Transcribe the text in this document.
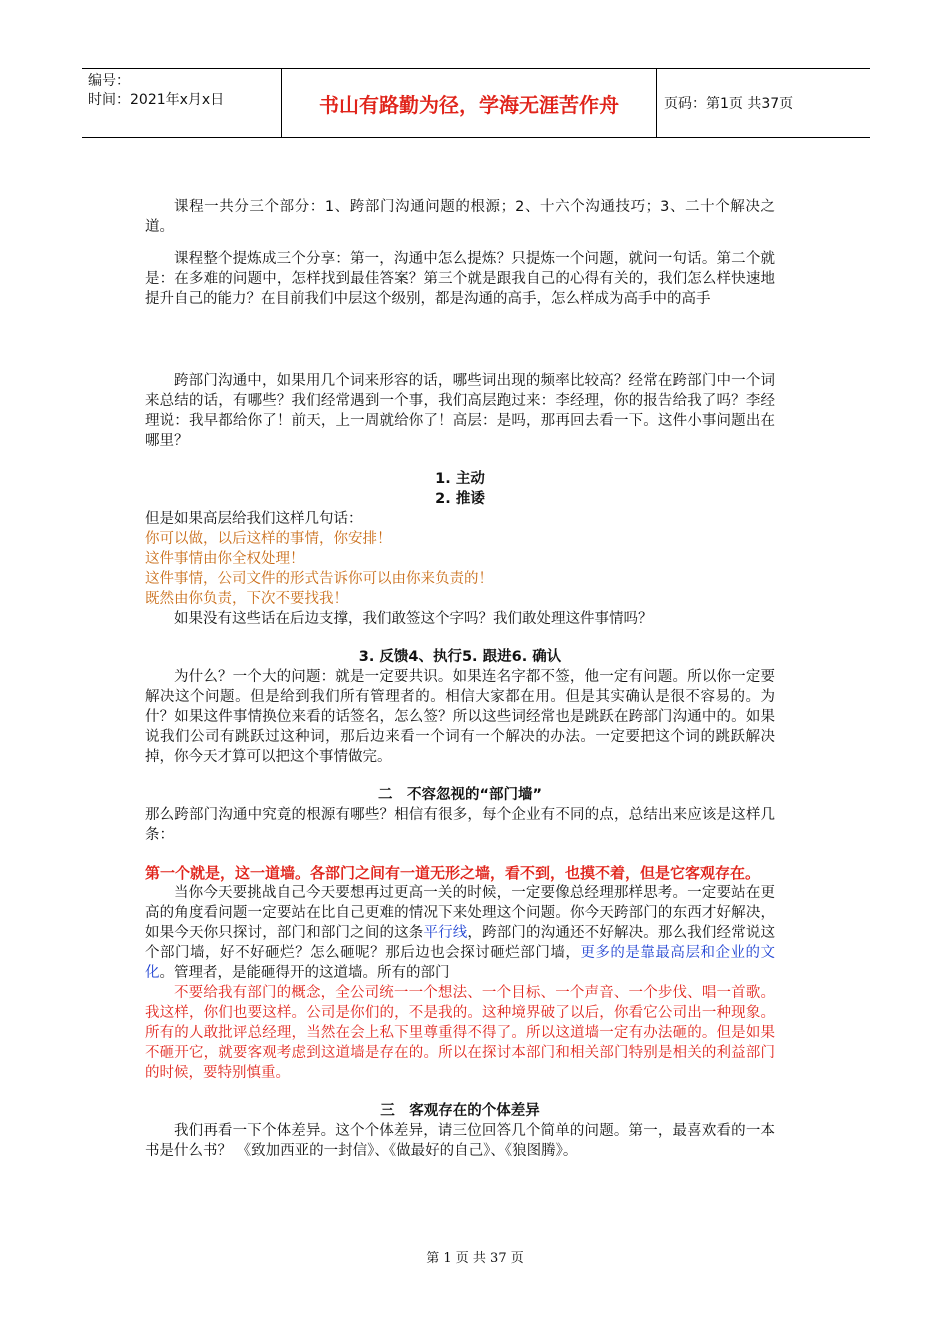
编号：
时间：2021年x月x日	书山有路勤为径，学海无涯苦作舟	页码：第1页 共37页

课程一共分三个部分：1、跨部门沟通问题的根源；2、十六个沟通技巧；3、二十个解决之道。

课程整个提炼成三个分享：第一，沟通中怎么提炼？只提炼一个问题，就问一句话。第二个就是：在多难的问题中，怎样找到最佳答案？第三个就是跟我自己的心得有关的，我们怎么样快速地提升自己的能力？在目前我们中层这个级别，都是沟通的高手，怎么样成为高手中的高手

跨部门沟通中，如果用几个词来形容的话，哪些词出现的频率比较高？经常在跨部门中一个词来总结的话，有哪些？我们经常遇到一个事，我们高层跑过来：李经理，你的报告给我了吗？李经理说：我早都给你了！前天，上一周就给你了！高层：是吗，那再回去看一下。这件小事问题出在哪里？

1. 主动

2. 推诿

但是如果高层给我们这样几句话：

你可以做，以后这样的事情，你安排！

这件事情由你全权处理！

这件事情，公司文件的形式告诉你可以由你来负责的！

既然由你负责，下次不要找我！

如果没有这些话在后边支撑，我们敢签这个字吗？我们敢处理这件事情吗？

3. 反馈4、执行5. 跟进6. 确认

为什么？一个大的问题：就是一定要共识。如果连名字都不签，他一定有问题。所以你一定要解决这个问题。但是给到我们所有管理者的。相信大家都在用。但是其实确认是很不容易的。为什？如果这件事情换位来看的话签名，怎么签？所以这些词经常也是跳跃在跨部门沟通中的。如果说我们公司有跳跃过这种词，那后边来看一个词有一个解决的办法。一定要把这个词的跳跃解决掉，你今天才算可以把这个事情做完。

二　不容忽视的“部门墙”

那么跨部门沟通中究竟的根源有哪些？相信有很多，每个企业有不同的点，总结出来应该是这样几条：

第一个就是，这一道墙。各部门之间有一道无形之墙，看不到，也摸不着，但是它客观存在。

当你今天要挑战自己今天要想再过更高一关的时候，一定要像总经理那样思考。一定要站在更高的角度看问题一定要站在比自己更难的情况下来处理这个问题。你今天跨部门的东西才好解决，如果今天你只探讨，部门和部门之间的这条平行线，跨部门的沟通还不好解决。那么我们经常说这个部门墙，好不好砸烂？怎么砸呢？那后边也会探讨砸烂部门墙，更多的是靠最高层和企业的文化。管理者，是能砸得开的这道墙。所有的部门

不要给我有部门的概念，全公司统一一个想法、一个目标、一个声音、一个步伐、唱一首歌。我这样，你们也要这样。公司是你们的，不是我的。这种境界破了以后，你看它公司出一种现象。所有的人敢批评总经理，当然在会上私下里尊重得不得了。所以这道墙一定有办法砸的。但是如果不砸开它，就要客观考虑到这道墙是存在的。所以在探讨本部门和相关部门特别是相关的利益部门的时候，要特别慎重。

三　客观存在的个体差异

我们再看一下个体差异。这个个体差异，请三位回答几个简单的问题。第一，最喜欢看的一本书是什么书？ 《致加西亚的一封信》、《做最好的自己》、《狼图腾》。

第 1 页 共 37 页
